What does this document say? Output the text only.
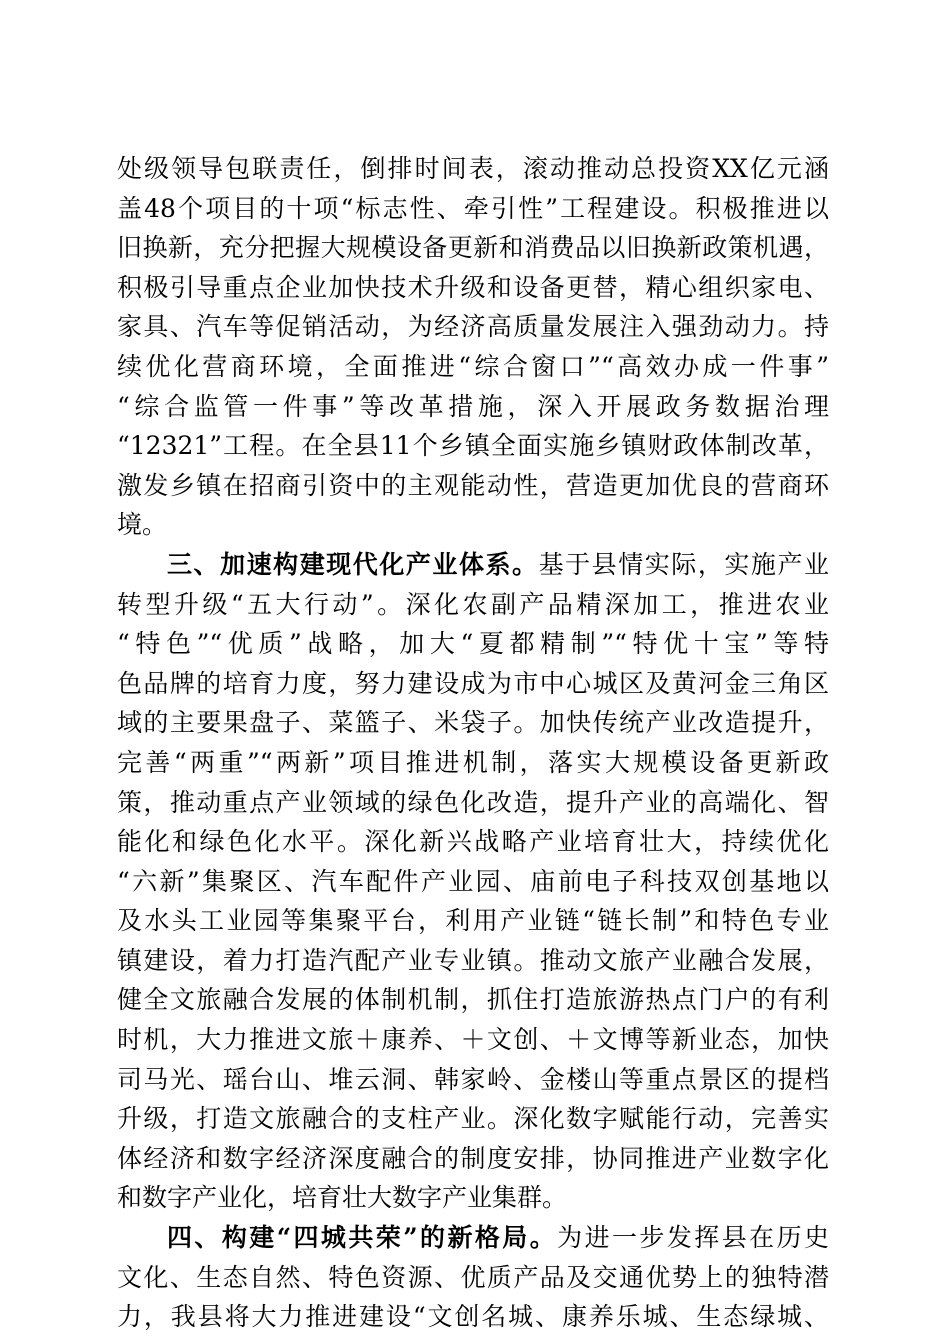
处级领导包联责任，倒排时间表，滚动推动总投资XX亿元涵
盖48个项目的十项“标志性、牵引性”工程建设。积极推进以
旧换新，充分把握大规模设备更新和消费品以旧换新政策机遇，
积极引导重点企业加快技术升级和设备更替，精心组织家电、
家具、汽车等促销活动，为经济高质量发展注入强劲动力。持
续优化营商环境，全面推进“综合窗口”“高效办成一件事”
“综合监管一件事”等改革措施，深入开展政务数据治理
“12321”工程。在全县11个乡镇全面实施乡镇财政体制改革，
激发乡镇在招商引资中的主观能动性，营造更加优良的营商环
境。
三、加速构建现代化产业体系。基于县情实际，实施产业
转型升级“五大行动”。深化农副产品精深加工，推进农业
“特色”“优质”战略，加大“夏都精制”“特优十宝”等特
色品牌的培育力度，努力建设成为市中心城区及黄河金三角区
域的主要果盘子、菜篮子、米袋子。加快传统产业改造提升，
完善“两重”“两新”项目推进机制，落实大规模设备更新政
策，推动重点产业领域的绿色化改造，提升产业的高端化、智
能化和绿色化水平。深化新兴战略产业培育壮大，持续优化
“六新”集聚区、汽车配件产业园、庙前电子科技双创基地以
及水头工业园等集聚平台，利用产业链“链长制”和特色专业
镇建设，着力打造汽配产业专业镇。推动文旅产业融合发展，
健全文旅融合发展的体制机制，抓住打造旅游热点门户的有利
时机，大力推进文旅＋康养、＋文创、＋文博等新业态，加快
司马光、瑶台山、堆云洞、韩家岭、金楼山等重点景区的提档
升级，打造文旅融合的支柱产业。深化数字赋能行动，完善实
体经济和数字经济深度融合的制度安排，协同推进产业数字化
和数字产业化，培育壮大数字产业集群。
四、构建“四城共荣”的新格局。为进一步发挥县在历史
文化、生态自然、特色资源、优质产品及交通优势上的独特潜
力，我县将大力推进建设“文创名城、康养乐城、生态绿城、
